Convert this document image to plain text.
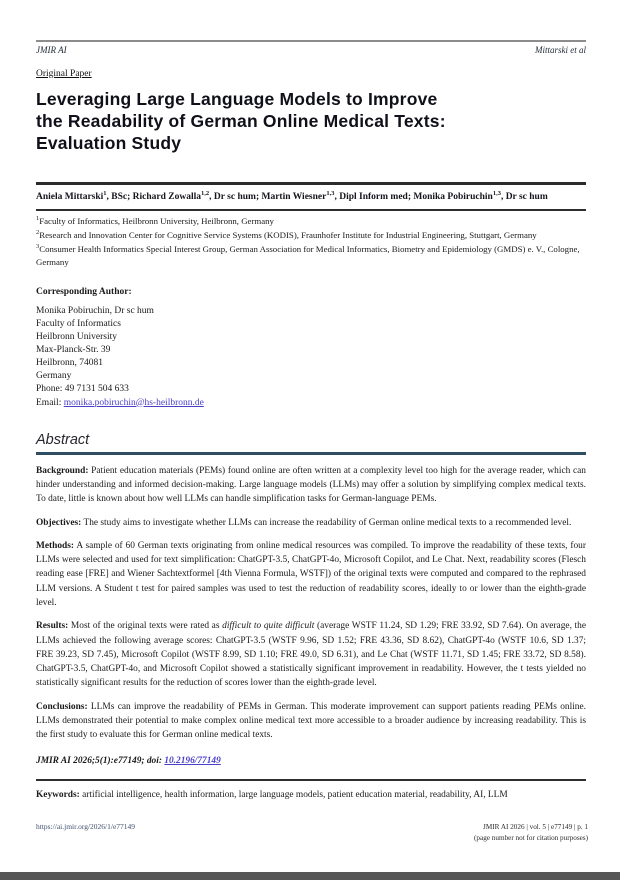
JMIR AI	Mittarski et al
Original Paper
Leveraging Large Language Models to Improve
the Readability of German Online Medical Texts:
Evaluation Study

Aniela Mittarski$^1$, BSc; Richard Zowalla$^{1,2}$, Dr sc hum; Martin Wiesner$^{1,3}$, Dipl Inform med; Monika Pobiruchin$^{1,3}$, Dr sc hum

$^1$Faculty of Informatics, Heilbronn University, Heilbronn, Germany
$^2$Research and Innovation Center for Cognitive Service Systems (KODIS), Fraunhofer Institute for Industrial Engineering, Stuttgart, Germany
$^3$Consumer Health Informatics Special Interest Group, German Association for Medical Informatics, Biometry and Epidemiology (GMDS) e. V., Cologne, Germany
Corresponding Author:
Monika Pobiruchin, Dr sc hum
Faculty of Informatics
Heilbronn University
Max-Planck-Str. 39
Heilbronn, 74081
Germany
Phone: 49 7131 504 633
Email: monika.pobiruchin@hs-heilbronn.de
Abstract

Background: Patient education materials (PEMs) found online are often written at a complexity level too high for the average reader, which can hinder understanding and informed decision-making. Large language models (LLMs) may offer a solution by simplifying complex medical texts. To date, little is known about how well LLMs can handle simplification tasks for German-language PEMs.

Objectives: The study aims to investigate whether LLMs can increase the readability of German online medical texts to a recommended level.

Methods: A sample of 60 German texts originating from online medical resources was compiled. To improve the readability of these texts, four LLMs were selected and used for text simplification: ChatGPT-3.5, ChatGPT-4o, Microsoft Copilot, and Le Chat. Next, readability scores (Flesch reading ease [FRE] and Wiener Sachtextformel [4th Vienna Formula, WSTF]) of the original texts were computed and compared to the rephrased LLM versions. A Student t test for paired samples was used to test the reduction of readability scores, ideally to or lower than the eighth-grade level.

Results: Most of the original texts were rated as difficult to quite difficult (average WSTF 11.24, SD 1.29; FRE 33.92, SD 7.64). On average, the LLMs achieved the following average scores: ChatGPT-3.5 (WSTF 9.96, SD 1.52; FRE 43.36, SD 8.62), ChatGPT-4o (WSTF 10.6, SD 1.37; FRE 39.23, SD 7.45), Microsoft Copilot (WSTF 8.99, SD 1.10; FRE 49.0, SD 6.31), and Le Chat (WSTF 11.71, SD 1.45; FRE 33.72, SD 8.58). ChatGPT-3.5, ChatGPT-4o, and Microsoft Copilot showed a statistically significant improvement in readability. However, the t tests yielded no statistically significant results for the reduction of scores lower than the eighth-grade level.

Conclusions: LLMs can improve the readability of PEMs in German. This moderate improvement can support patients reading PEMs online. LLMs demonstrated their potential to make complex online medical text more accessible to a broader audience by increasing readability. This is the first study to evaluate this for German online medical texts.

JMIR AI 2026;5(1):e77149; doi: 10.2196/77149
Keywords: artificial intelligence, health information, large language models, patient education material, readability, AI, LLM
https://ai.jmir.org/2026/1/e77149	JMIR AI 2026 | vol. 5 | e77149 | p. 1
(page number not for citation purposes)
